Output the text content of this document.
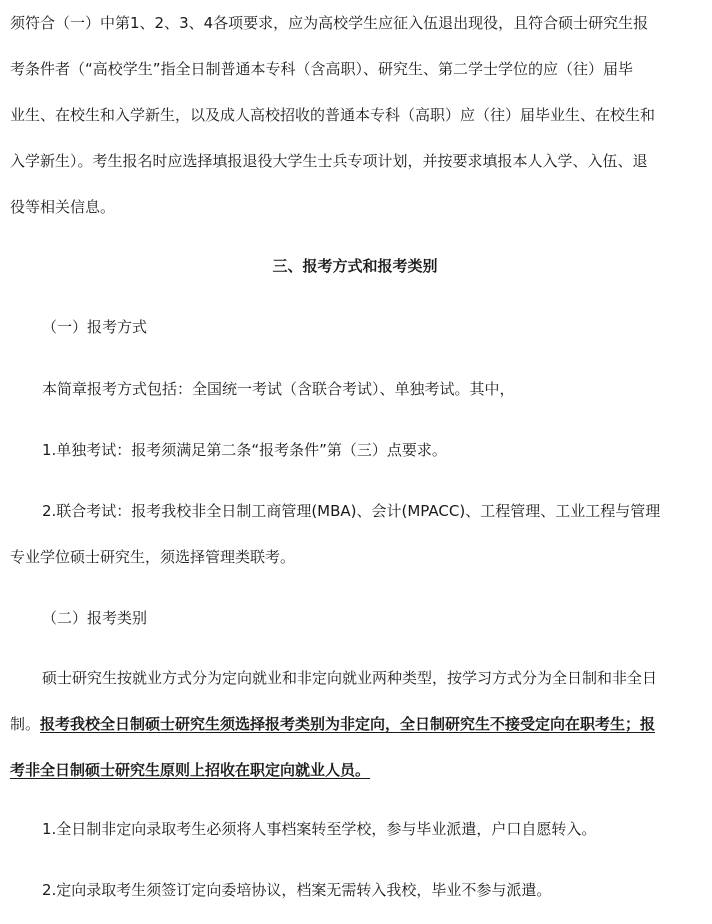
须符合（一）中第1、2、3、4各项要求，应为高校学生应征入伍退出现役，且符合硕士研究生报
考条件者（“高校学生”指全日制普通本专科（含高职）、研究生、第二学士学位的应（往）届毕
业生、在校生和入学新生，以及成人高校招收的普通本专科（高职）应（往）届毕业生、在校生和
入学新生）。考生报名时应选择填报退役大学生士兵专项计划，并按要求填报本人入学、入伍、退
役等相关信息。
三、报考方式和报考类别
（一）报考方式
本简章报考方式包括：全国统一考试（含联合考试）、单独考试。其中，
1.单独考试：报考须满足第二条“报考条件”第（三）点要求。
2.联合考试：报考我校非全日制工商管理(MBA)、会计(MPACC)、工程管理、工业工程与管理
专业学位硕士研究生，须选择管理类联考。
（二）报考类别
硕士研究生按就业方式分为定向就业和非定向就业两种类型，按学习方式分为全日制和非全日
制。报考我校全日制硕士研究生须选择报考类别为非定向，全日制研究生不接受定向在职考生；报
考非全日制硕士研究生原则上招收在职定向就业人员。
1.全日制非定向录取考生必须将人事档案转至学校，参与毕业派遣，户口自愿转入。
2.定向录取考生须签订定向委培协议，档案无需转入我校，毕业不参与派遣。
